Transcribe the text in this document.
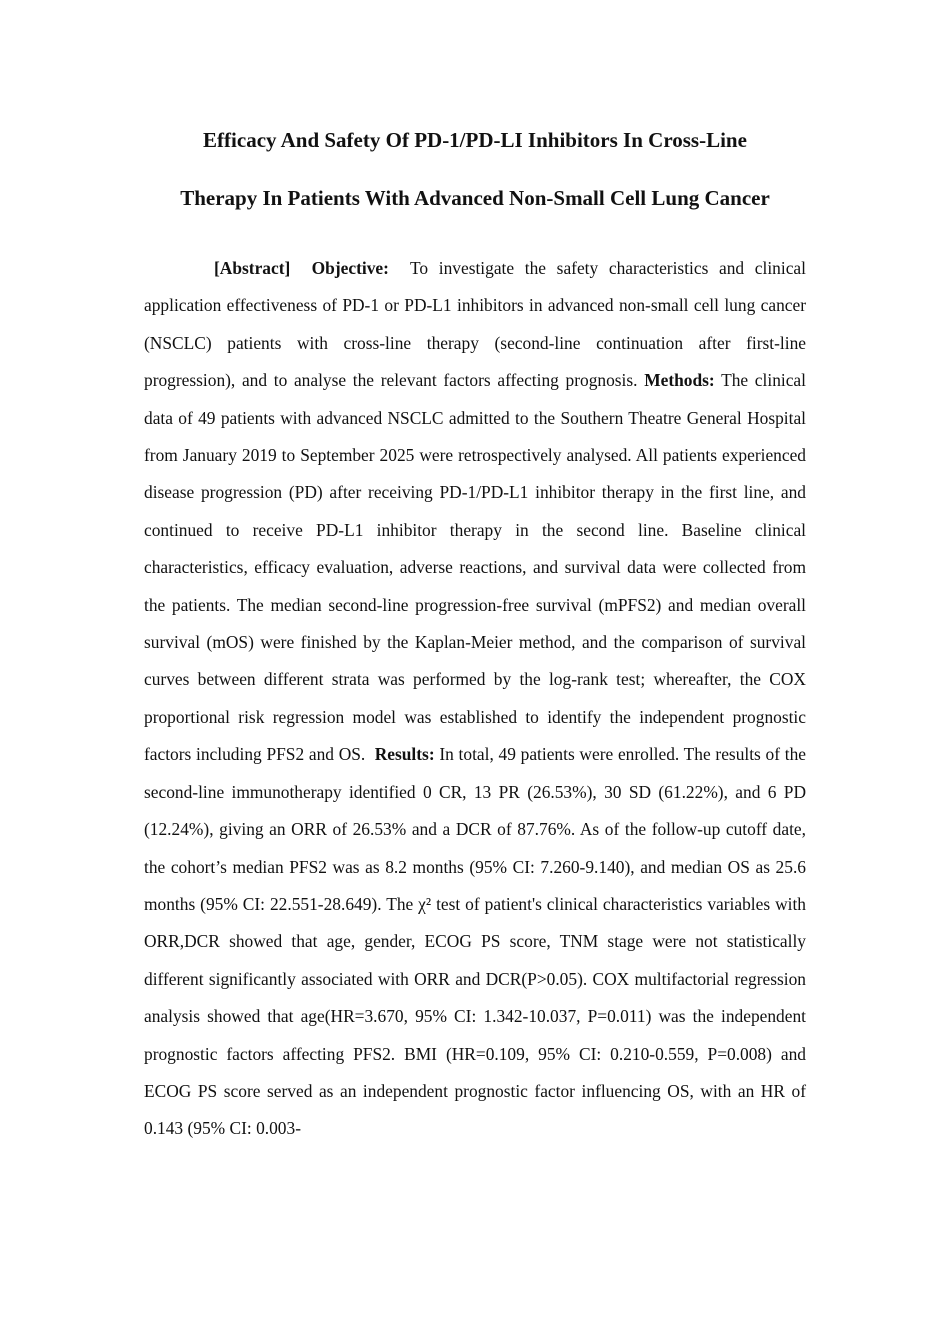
Efficacy And Safety Of PD-1/PD-LI Inhibitors In Cross-Line
Therapy In Patients With Advanced Non-Small Cell Lung Cancer

[Abstract] Objective: To investigate the safety characteristics and clinical application effectiveness of PD-1 or PD-L1 inhibitors in advanced non-small cell lung cancer (NSCLC) patients with cross-line therapy (second-line continuation after first-line progression), and to analyse the relevant factors affecting prognosis. Methods: The clinical data of 49 patients with advanced NSCLC admitted to the Southern Theatre General Hospital from January 2019 to September 2025 were retrospectively analysed. All patients experienced disease progression (PD) after receiving PD-1/PD-L1 inhibitor therapy in the first line, and continued to receive PD-L1 inhibitor therapy in the second line. Baseline clinical characteristics, efficacy evaluation, adverse reactions, and survival data were collected from the patients. The median second-line progression-free survival (mPFS2) and median overall survival (mOS) were finished by the Kaplan-Meier method, and the comparison of survival curves between different strata was performed by the log-rank test; whereafter, the COX proportional risk regression model was established to identify the independent prognostic factors including PFS2 and OS. Results: In total, 49 patients were enrolled. The results of the second-line immunotherapy identified 0 CR, 13 PR (26.53%), 30 SD (61.22%), and 6 PD (12.24%), giving an ORR of 26.53% and a DCR of 87.76%. As of the follow-up cutoff date, the cohort’s median PFS2 was as 8.2 months (95% CI: 7.260-9.140), and median OS as 25.6 months (95% CI: 22.551-28.649). The χ² test of patient's clinical characteristics variables with ORR,DCR showed that age, gender, ECOG PS score, TNM stage were not statistically different significantly associated with ORR and DCR(P>0.05). COX multifactorial regression analysis showed that age(HR=3.670, 95% CI: 1.342-10.037, P=0.011) was the independent prognostic factors affecting PFS2. BMI (HR=0.109, 95% CI: 0.210-0.559, P=0.008) and ECOG PS score served as an independent prognostic factor influencing OS, with an HR of 0.143 (95% CI: 0.003-
